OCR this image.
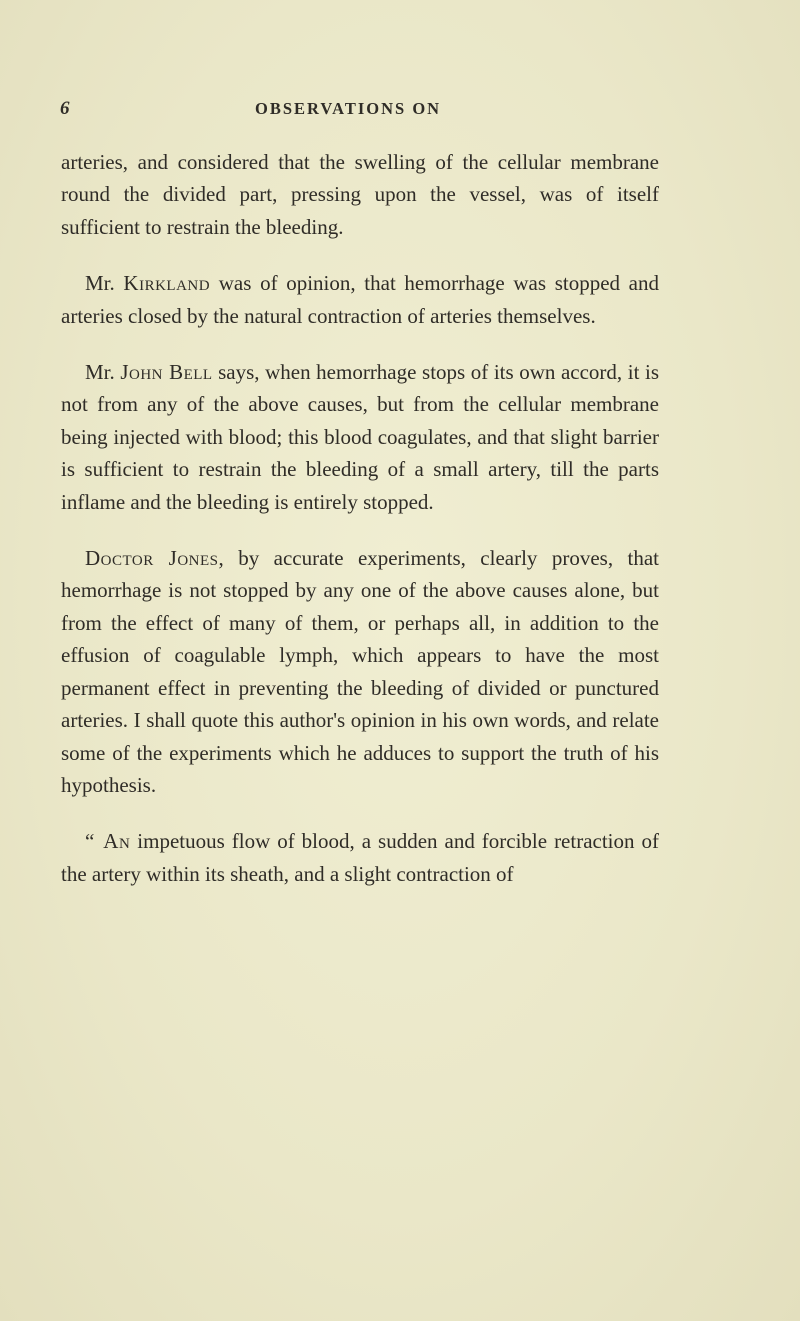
6	OBSERVATIONS ON

arteries, and considered that the swelling of the cellular membrane round the divided part, pressing upon the vessel, was of itself sufficient to restrain the bleeding.

Mr. Kirkland was of opinion, that hemorrhage was stopped and arteries closed by the natural contraction of arteries themselves.

Mr. John Bell says, when hemorrhage stops of its own accord, it is not from any of the above causes, but from the cellular membrane being injected with blood; this blood coagulates, and that slight barrier is sufficient to restrain the bleeding of a small artery, till the parts inflame and the bleeding is entirely stopped.

Doctor Jones, by accurate experiments, clearly proves, that hemorrhage is not stopped by any one of the above causes alone, but from the effect of many of them, or perhaps all, in addition to the effusion of coagulable lymph, which appears to have the most permanent effect in preventing the bleeding of divided or punctured arteries. I shall quote this author's opinion in his own words, and relate some of the experiments which he adduces to support the truth of his hypothesis.

“ An impetuous flow of blood, a sudden and forcible retraction of the artery within its sheath, and a slight contraction of
